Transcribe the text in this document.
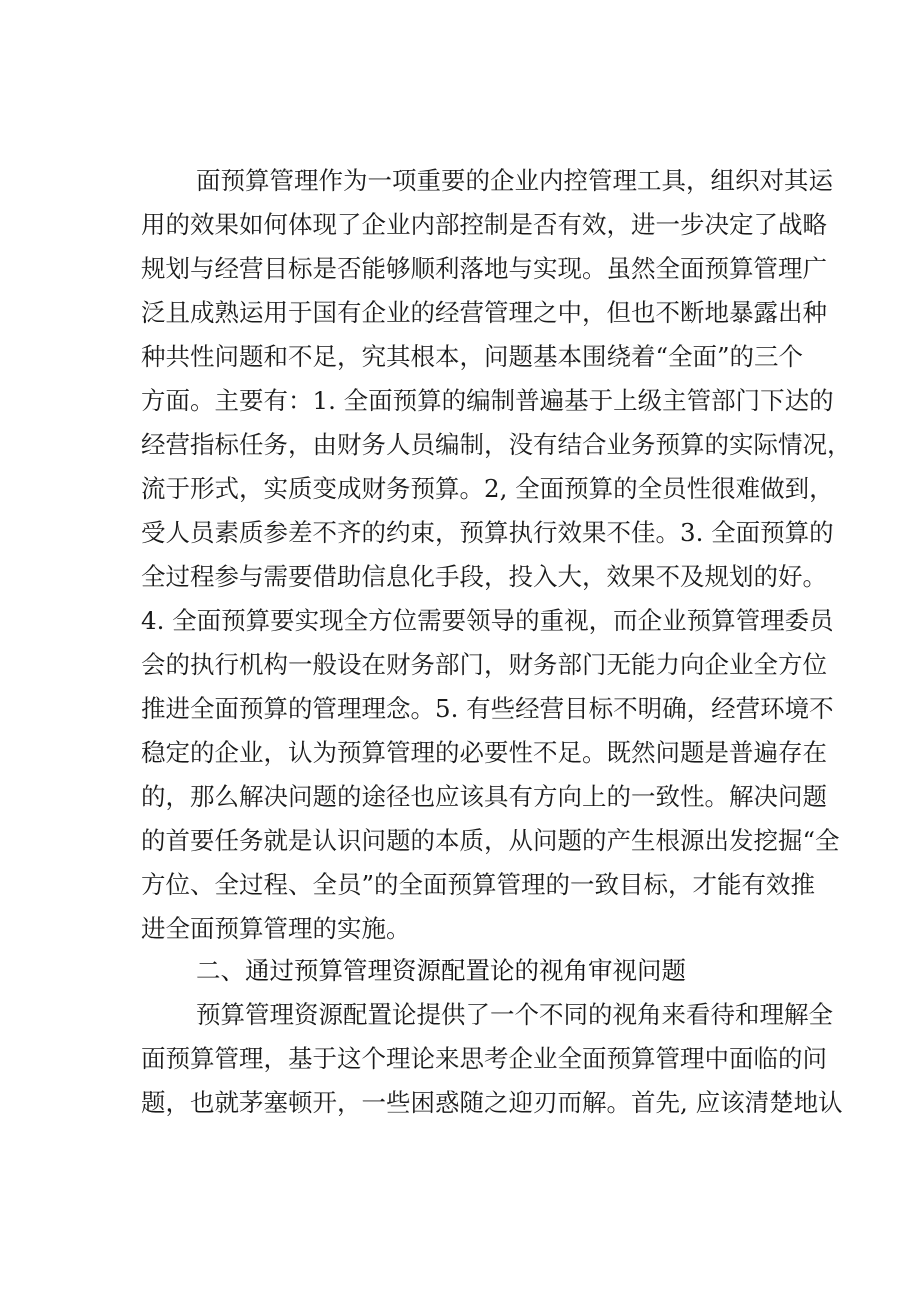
面预算管理作为一项重要的企业内控管理工具，组织对其运
用的效果如何体现了企业内部控制是否有效，进一步决定了战略
规划与经营目标是否能够顺利落地与实现。虽然全面预算管理广
泛且成熟运用于国有企业的经营管理之中，但也不断地暴露出种
种共性问题和不足，究其根本，问题基本围绕着“全面”的三个
方面。主要有：1. 全面预算的编制普遍基于上级主管部门下达的
经营指标任务，由财务人员编制，没有结合业务预算的实际情况，
流于形式，实质变成财务预算。2, 全面预算的全员性很难做到，
受人员素质参差不齐的约束，预算执行效果不佳。3. 全面预算的
全过程参与需要借助信息化手段，投入大，效果不及规划的好。
4. 全面预算要实现全方位需要领导的重视，而企业预算管理委员
会的执行机构一般设在财务部门，财务部门无能力向企业全方位
推进全面预算的管理理念。5. 有些经营目标不明确，经营环境不
稳定的企业，认为预算管理的必要性不足。既然问题是普遍存在
的，那么解决问题的途径也应该具有方向上的一致性。解决问题
的首要任务就是认识问题的本质，从问题的产生根源出发挖掘“全
方位、全过程、全员”的全面预算管理的一致目标，才能有效推
进全面预算管理的实施。
二、通过预算管理资源配置论的视角审视问题
预算管理资源配置论提供了一个不同的视角来看待和理解全
面预算管理，基于这个理论来思考企业全面预算管理中面临的问
题，也就茅塞顿开，一些困惑随之迎刃而解。首先, 应该清楚地认
